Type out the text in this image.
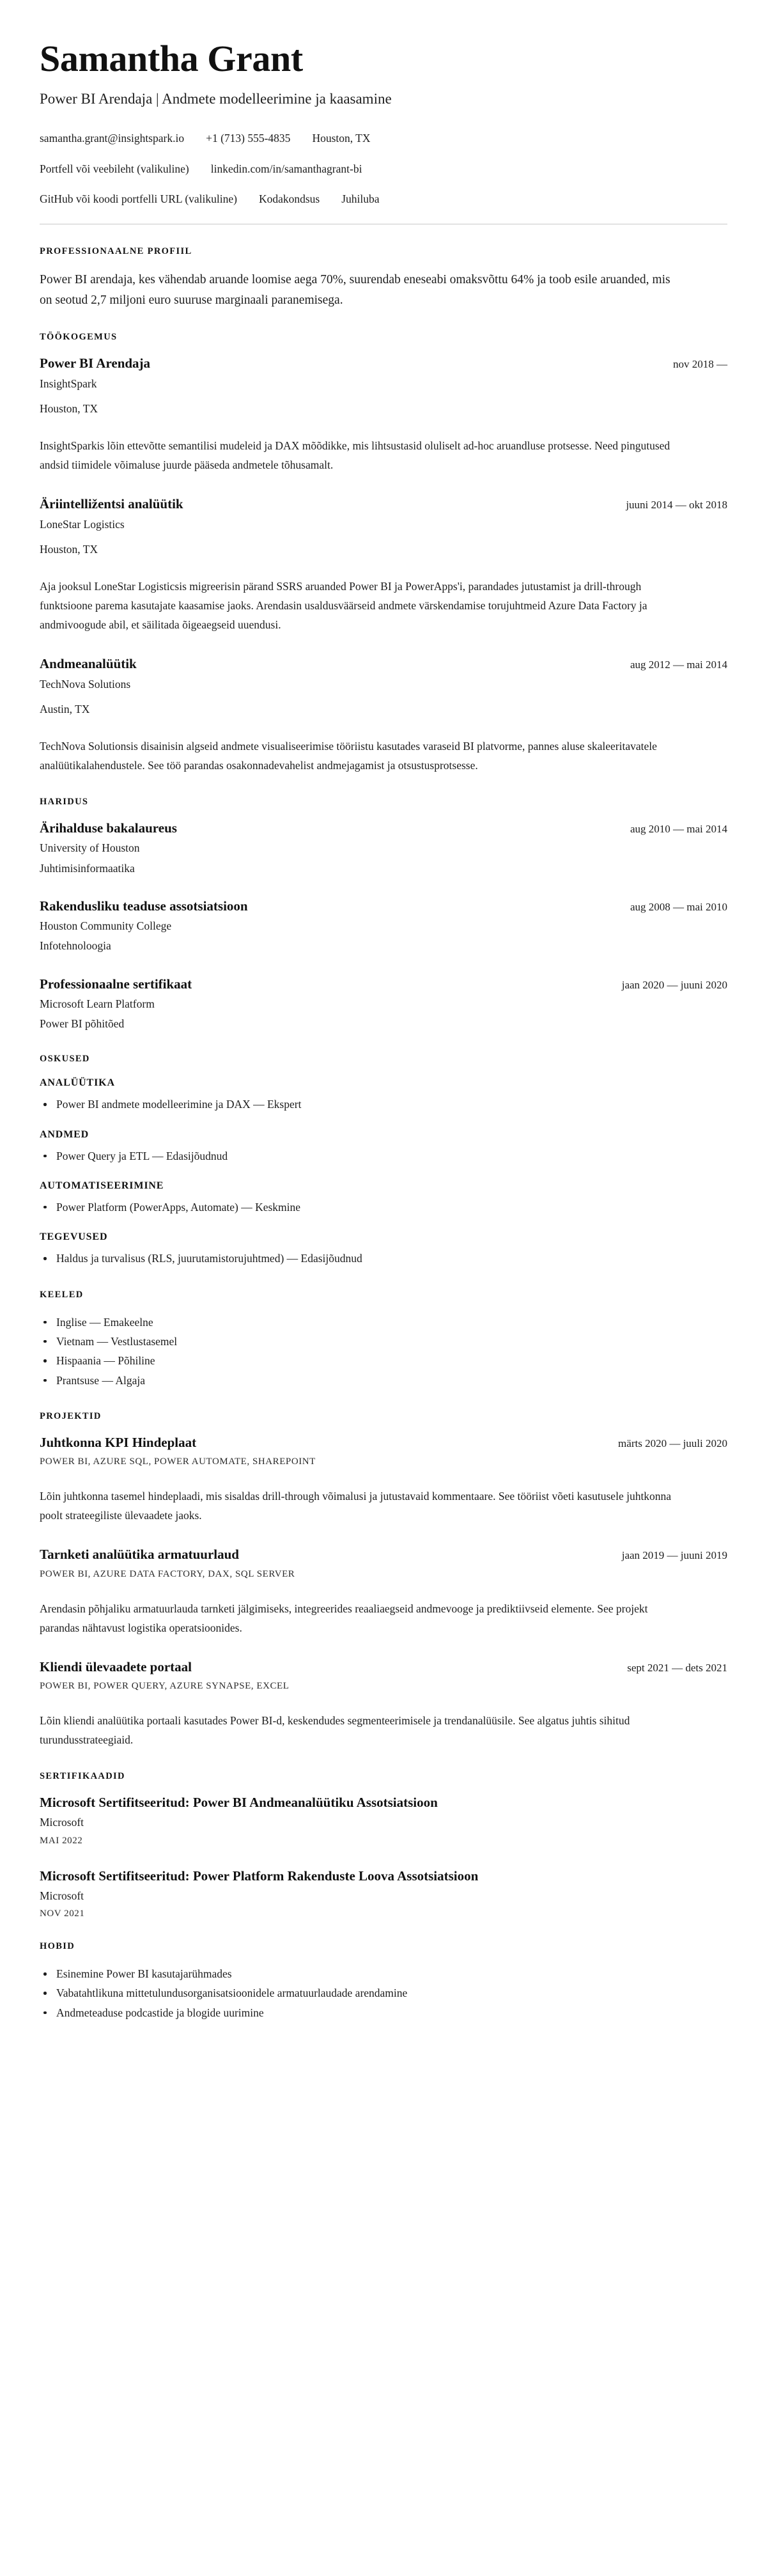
Samantha Grant

Power BI Arendaja | Andmete modelleerimine ja kaasamine

samantha.grant@insightspark.io +1 (713) 555-4835 Houston, TX
Portfell või veebileht (valikuline) linkedin.com/in/samanthagrant-bi
GitHub või koodi portfelli URL (valikuline) Kodakondsus Juhiluba
PROFESSIONAALNE PROFIIL

Power BI arendaja, kes vähendab aruande loomise aega 70%, suurendab eneseabi omaksvõttu 64% ja toob esile aruanded, mis on seotud 2,7 miljoni euro suuruse marginaali paranemisega.

TÖÖKOGEMUS
Power BI Arendaja	nov 2018 —

InsightSpark

Houston, TX

InsightSparkis lõin ettevõtte semantilisi mudeleid ja DAX mõõdikke, mis lihtsustasid oluliselt ad-hoc aruandluse protsesse. Need pingutused andsid tiimidele võimaluse juurde pääseda andmetele tõhusamalt.

Äriintelližentsi analüütik	juuni 2014 — okt 2018

LoneStar Logistics

Houston, TX

Aja jooksul LoneStar Logisticsis migreerisin pärand SSRS aruanded Power BI ja PowerApps'i, parandades jutustamist ja drill-through funktsioone parema kasutajate kaasamise jaoks. Arendasin usaldusväärseid andmete värskendamise torujuhtmeid Azure Data Factory ja andmivoogude abil, et säilitada õigeaegseid uuendusi.

Andmeanalüütik	aug 2012 — mai 2014

TechNova Solutions

Austin, TX

TechNova Solutionsis disainisin algseid andmete visualiseerimise tööriistu kasutades varaseid BI platvorme, pannes aluse skaleeritavatele analüütikalahendustele. See töö parandas osakonnadevahelist andmejagamist ja otsustusprotsesse.

HARIDUS
Ärihalduse bakalaureus	aug 2010 — mai 2014

University of Houston

Juhtimisinformaatika

Rakendusliku teaduse assotsiatsioon	aug 2008 — mai 2010

Houston Community College

Infotehnoloogia

Professionaalne sertifikaat	jaan 2020 — juuni 2020

Microsoft Learn Platform

Power BI põhitõed

OSKUSED
ANALÜÜTIKA
Power BI andmete modelleerimine ja DAX — Ekspert
ANDMED
Power Query ja ETL — Edasijõudnud
AUTOMATISEERIMINE
Power Platform (PowerApps, Automate) — Keskmine
TEGEVUSED
Haldus ja turvalisus (RLS, juurutamistorujuhtmed) — Edasijõudnud
KEELED
Inglise — Emakeelne
Vietnam — Vestlustasemel
Hispaania — Põhiline
Prantsuse — Algaja
PROJEKTID
Juhtkonna KPI Hindeplaat	märts 2020 — juuli 2020

POWER BI, AZURE SQL, POWER AUTOMATE, SHAREPOINT

Lõin juhtkonna tasemel hindeplaadi, mis sisaldas drill-through võimalusi ja jutustavaid kommentaare. See tööriist võeti kasutusele juhtkonna poolt strateegiliste ülevaadete jaoks.

Tarnketi analüütika armatuurlaud	jaan 2019 — juuni 2019

POWER BI, AZURE DATA FACTORY, DAX, SQL SERVER

Arendasin põhjaliku armatuurlauda tarnketi jälgimiseks, integreerides reaaliaegseid andmevooge ja prediktiivseid elemente. See projekt parandas nähtavust logistika operatsioonides.

Kliendi ülevaadete portaal	sept 2021 — dets 2021

POWER BI, POWER QUERY, AZURE SYNAPSE, EXCEL

Lõin kliendi analüütika portaali kasutades Power BI-d, keskendudes segmenteerimisele ja trendanalüüsile. See algatus juhtis sihitud turundusstrateegiaid.

SERTIFIKAADID
Microsoft Sertifitseeritud: Power BI Andmeanalüütiku Assotsiatsioon

Microsoft

MAI 2022

Microsoft Sertifitseeritud: Power Platform Rakenduste Loova Assotsiatsioon

Microsoft

NOV 2021

HOBID
Esinemine Power BI kasutajarühmades
Vabatahtlikuna mittetulundusorganisatsioonidele armatuurlaudade arendamine
Andmeteaduse podcastide ja blogide uurimine
